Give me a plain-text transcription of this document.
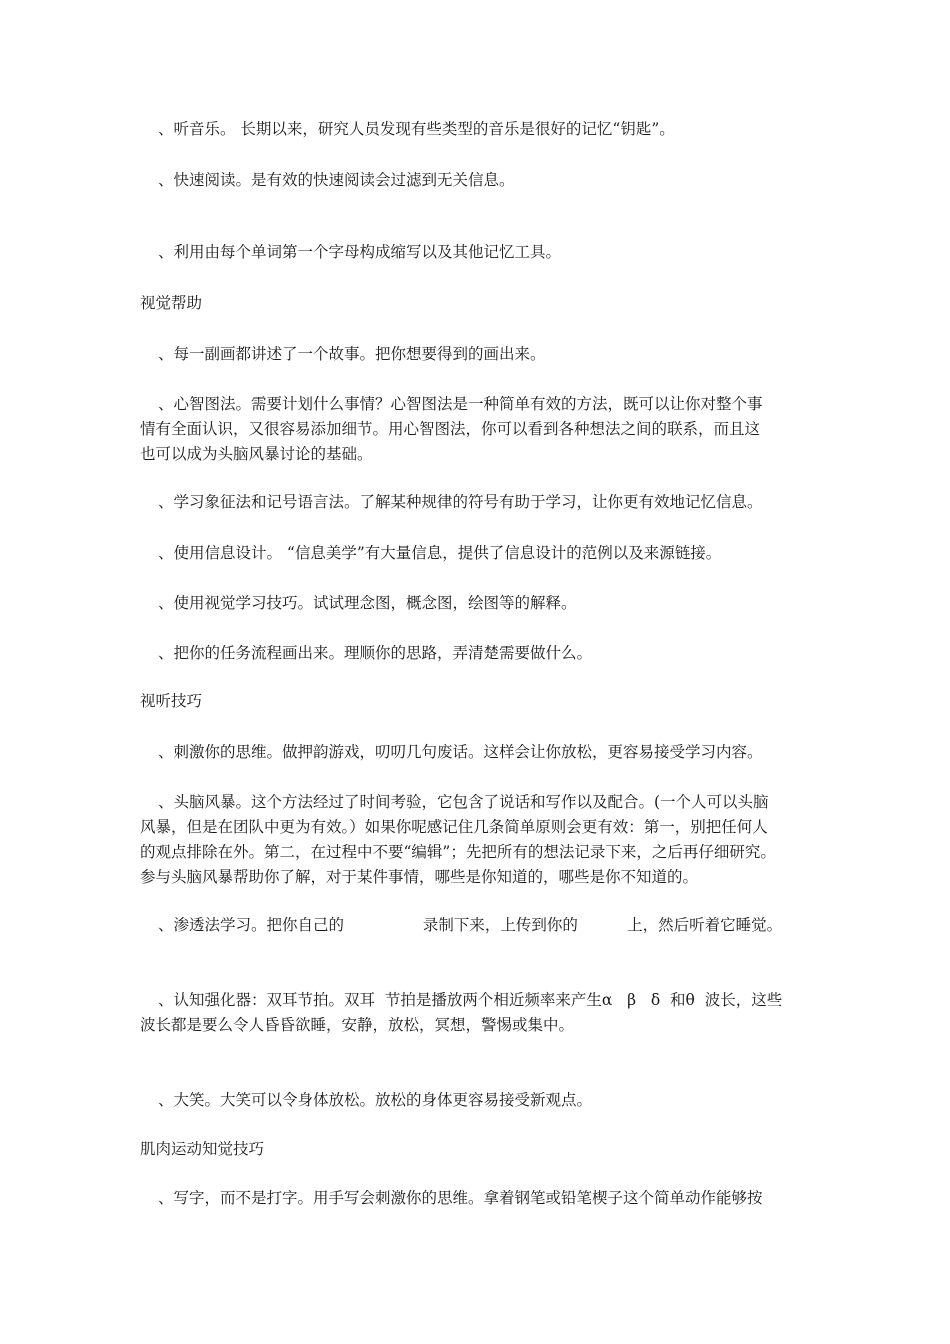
、听音乐。 长期以来，研究人员发现有些类型的音乐是很好的记忆“钥匙”。
、快速阅读。是有效的快速阅读会过滤到无关信息。
、利用由每个单词第一个字母构成缩写以及其他记忆工具。
视觉帮助
、每一副画都讲述了一个故事。把你想要得到的画出来。
、心智图法。需要计划什么事情？心智图法是一种简单有效的方法，既可以让你对整个事
情有全面认识，又很容易添加细节。用心智图法，你可以看到各种想法之间的联系，而且这
也可以成为头脑风暴讨论的基础。
、学习象征法和记号语言法。了解某种规律的符号有助于学习，让你更有效地记忆信息。
、使用信息设计。 “信息美学”有大量信息，提供了信息设计的范例以及来源链接。
、使用视觉学习技巧。试试理念图，概念图，绘图等的解释。
、把你的任务流程画出来。理顺你的思路，弄清楚需要做什么。
视听技巧
、刺激你的思维。做押韵游戏，叨叨几句废话。这样会让你放松，更容易接受学习内容。
、头脑风暴。这个方法经过了时间考验，它包含了说话和写作以及配合。(一个人可以头脑
风暴，但是在团队中更为有效。）如果你呢感记住几条简单原则会更有效：第一，别把任何人
的观点排除在外。第二，在过程中不要“编辑”；先把所有的想法记录下来，之后再仔细研究。
参与头脑风暴帮助你了解，对于某件事情，哪些是你知道的，哪些是你不知道的。
、渗透法学习。把你自己的                录制下来，上传到你的          上，然后听着它睡觉。
、认知强化器：双耳节拍。双耳  节拍是播放两个相近频率来产生α   β   δ  和θ  波长，这些
波长都是要么令人昏昏欲睡，安静，放松，冥想，警惕或集中。
、大笑。大笑可以令身体放松。放松的身体更容易接受新观点。
肌肉运动知觉技巧
、写字，而不是打字。用手写会刺激你的思维。拿着钢笔或铅笔楔子这个简单动作能够按
